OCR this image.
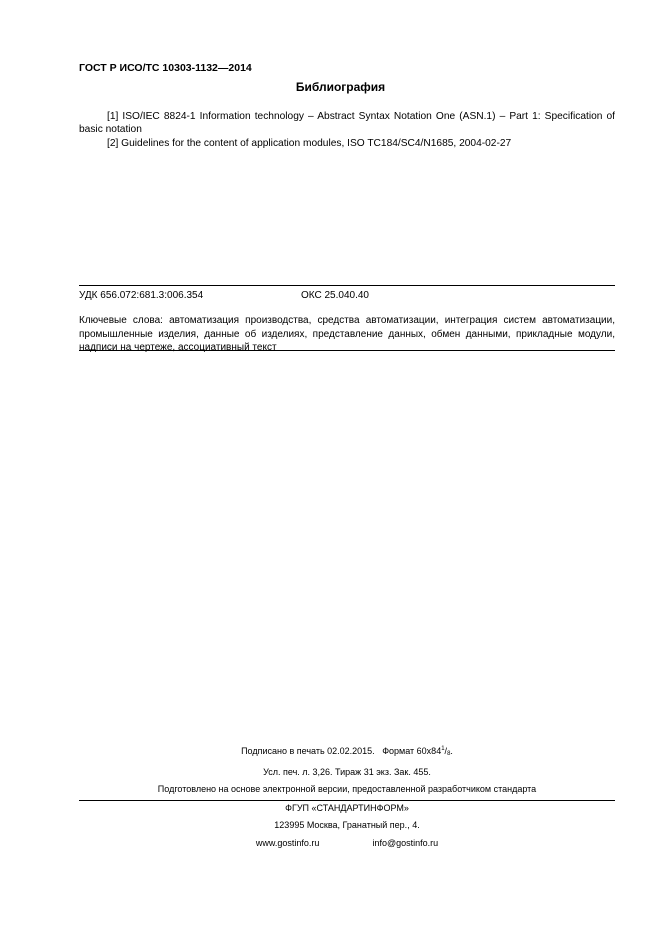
ГОСТ Р ИСО/ТС 10303-1132—2014
Библиография
[1] ISO/IEC 8824-1 Information technology – Abstract Syntax Notation One (ASN.1) – Part 1: Specification of basic notation
[2] Guidelines for the content of application modules, ISO TC184/SC4/N1685, 2004-02-27
УДК 656.072:681.3:006.354	ОКС 25.040.40
Ключевые слова: автоматизация производства, средства автоматизации, интеграция систем автоматизации, промышленные изделия, данные об изделиях, представление данных, обмен данными, прикладные модули, надписи на чертеже, ассоциативный текст
Подписано в печать 02.02.2015. Формат $60x84^1/_8$.
Усл. печ. л. 3,26. Тираж 31 экз. Зак. 455.
Подготовлено на основе электронной версии, предоставленной разработчиком стандарта
ФГУП «СТАНДАРТИНФОРМ»
123995 Москва, Гранатный пер., 4.
www.gostinfo.ru	info@gostinfo.ru
